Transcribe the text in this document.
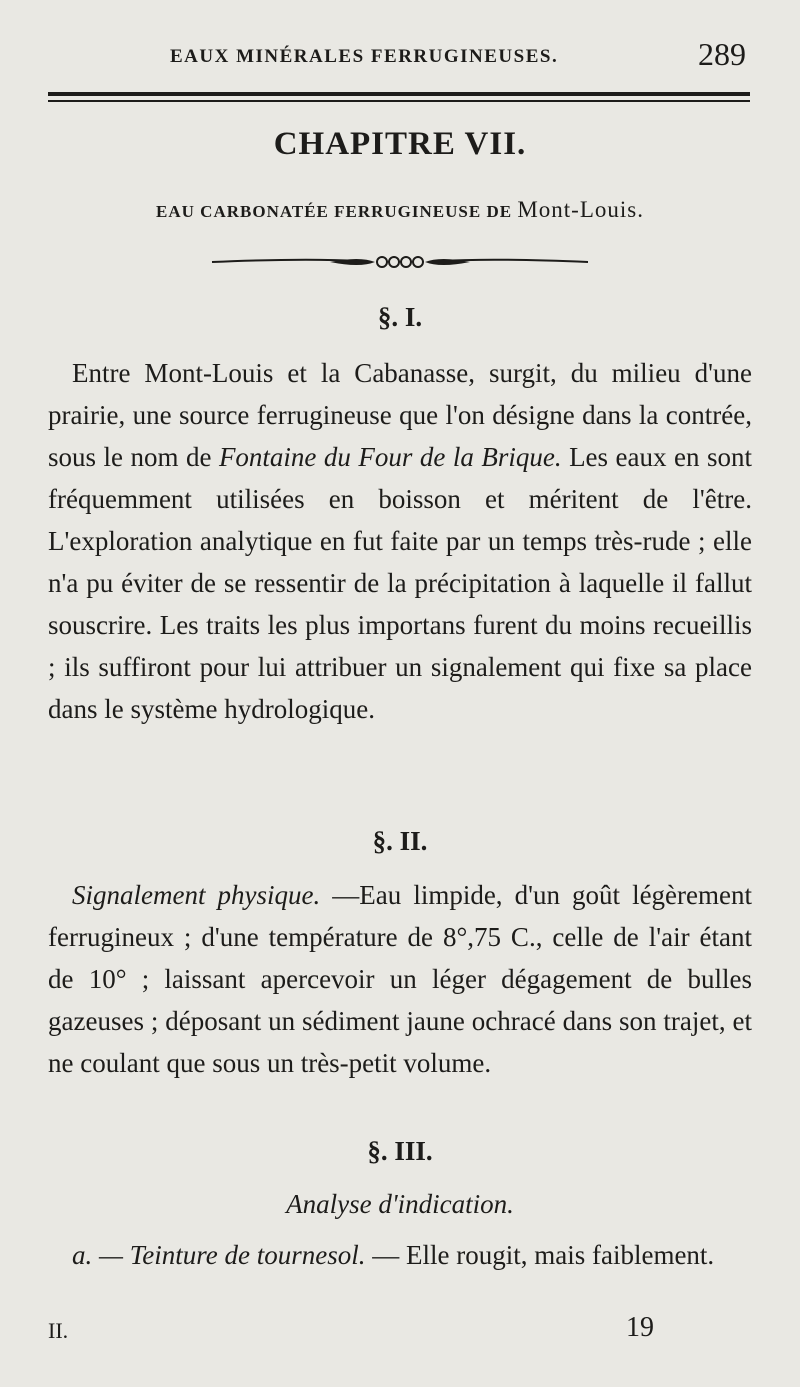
EAUX MINÉRALES FERRUGINEUSES.	289
CHAPITRE VII.

EAU CARBONATÉE FERRUGINEUSE DE Mont-Louis.

§. I.

Entre Mont-Louis et la Cabanasse, surgit, du milieu d'une prairie, une source ferrugineuse que l'on désigne dans la contrée, sous le nom de Fontaine du Four de la Brique. Les eaux en sont fréquemment utilisées en boisson et méritent de l'être. L'exploration analytique en fut faite par un temps très-rude ; elle n'a pu éviter de se ressentir de la précipitation à laquelle il fallut souscrire. Les traits les plus importans furent du moins recueillis ; ils suffiront pour lui attribuer un signalement qui fixe sa place dans le système hydrologique.

§. II.

Signalement physique. —Eau limpide, d'un goût légèrement ferrugineux ; d'une température de 8°,75 C., celle de l'air étant de 10° ; laissant apercevoir un léger dégagement de bulles gazeuses ; déposant un sédiment jaune ochracé dans son trajet, et ne coulant que sous un très-petit volume.

§. III.

Analyse d'indication.

a. — Teinture de tournesol. — Elle rougit, mais faiblement.

II.	19
